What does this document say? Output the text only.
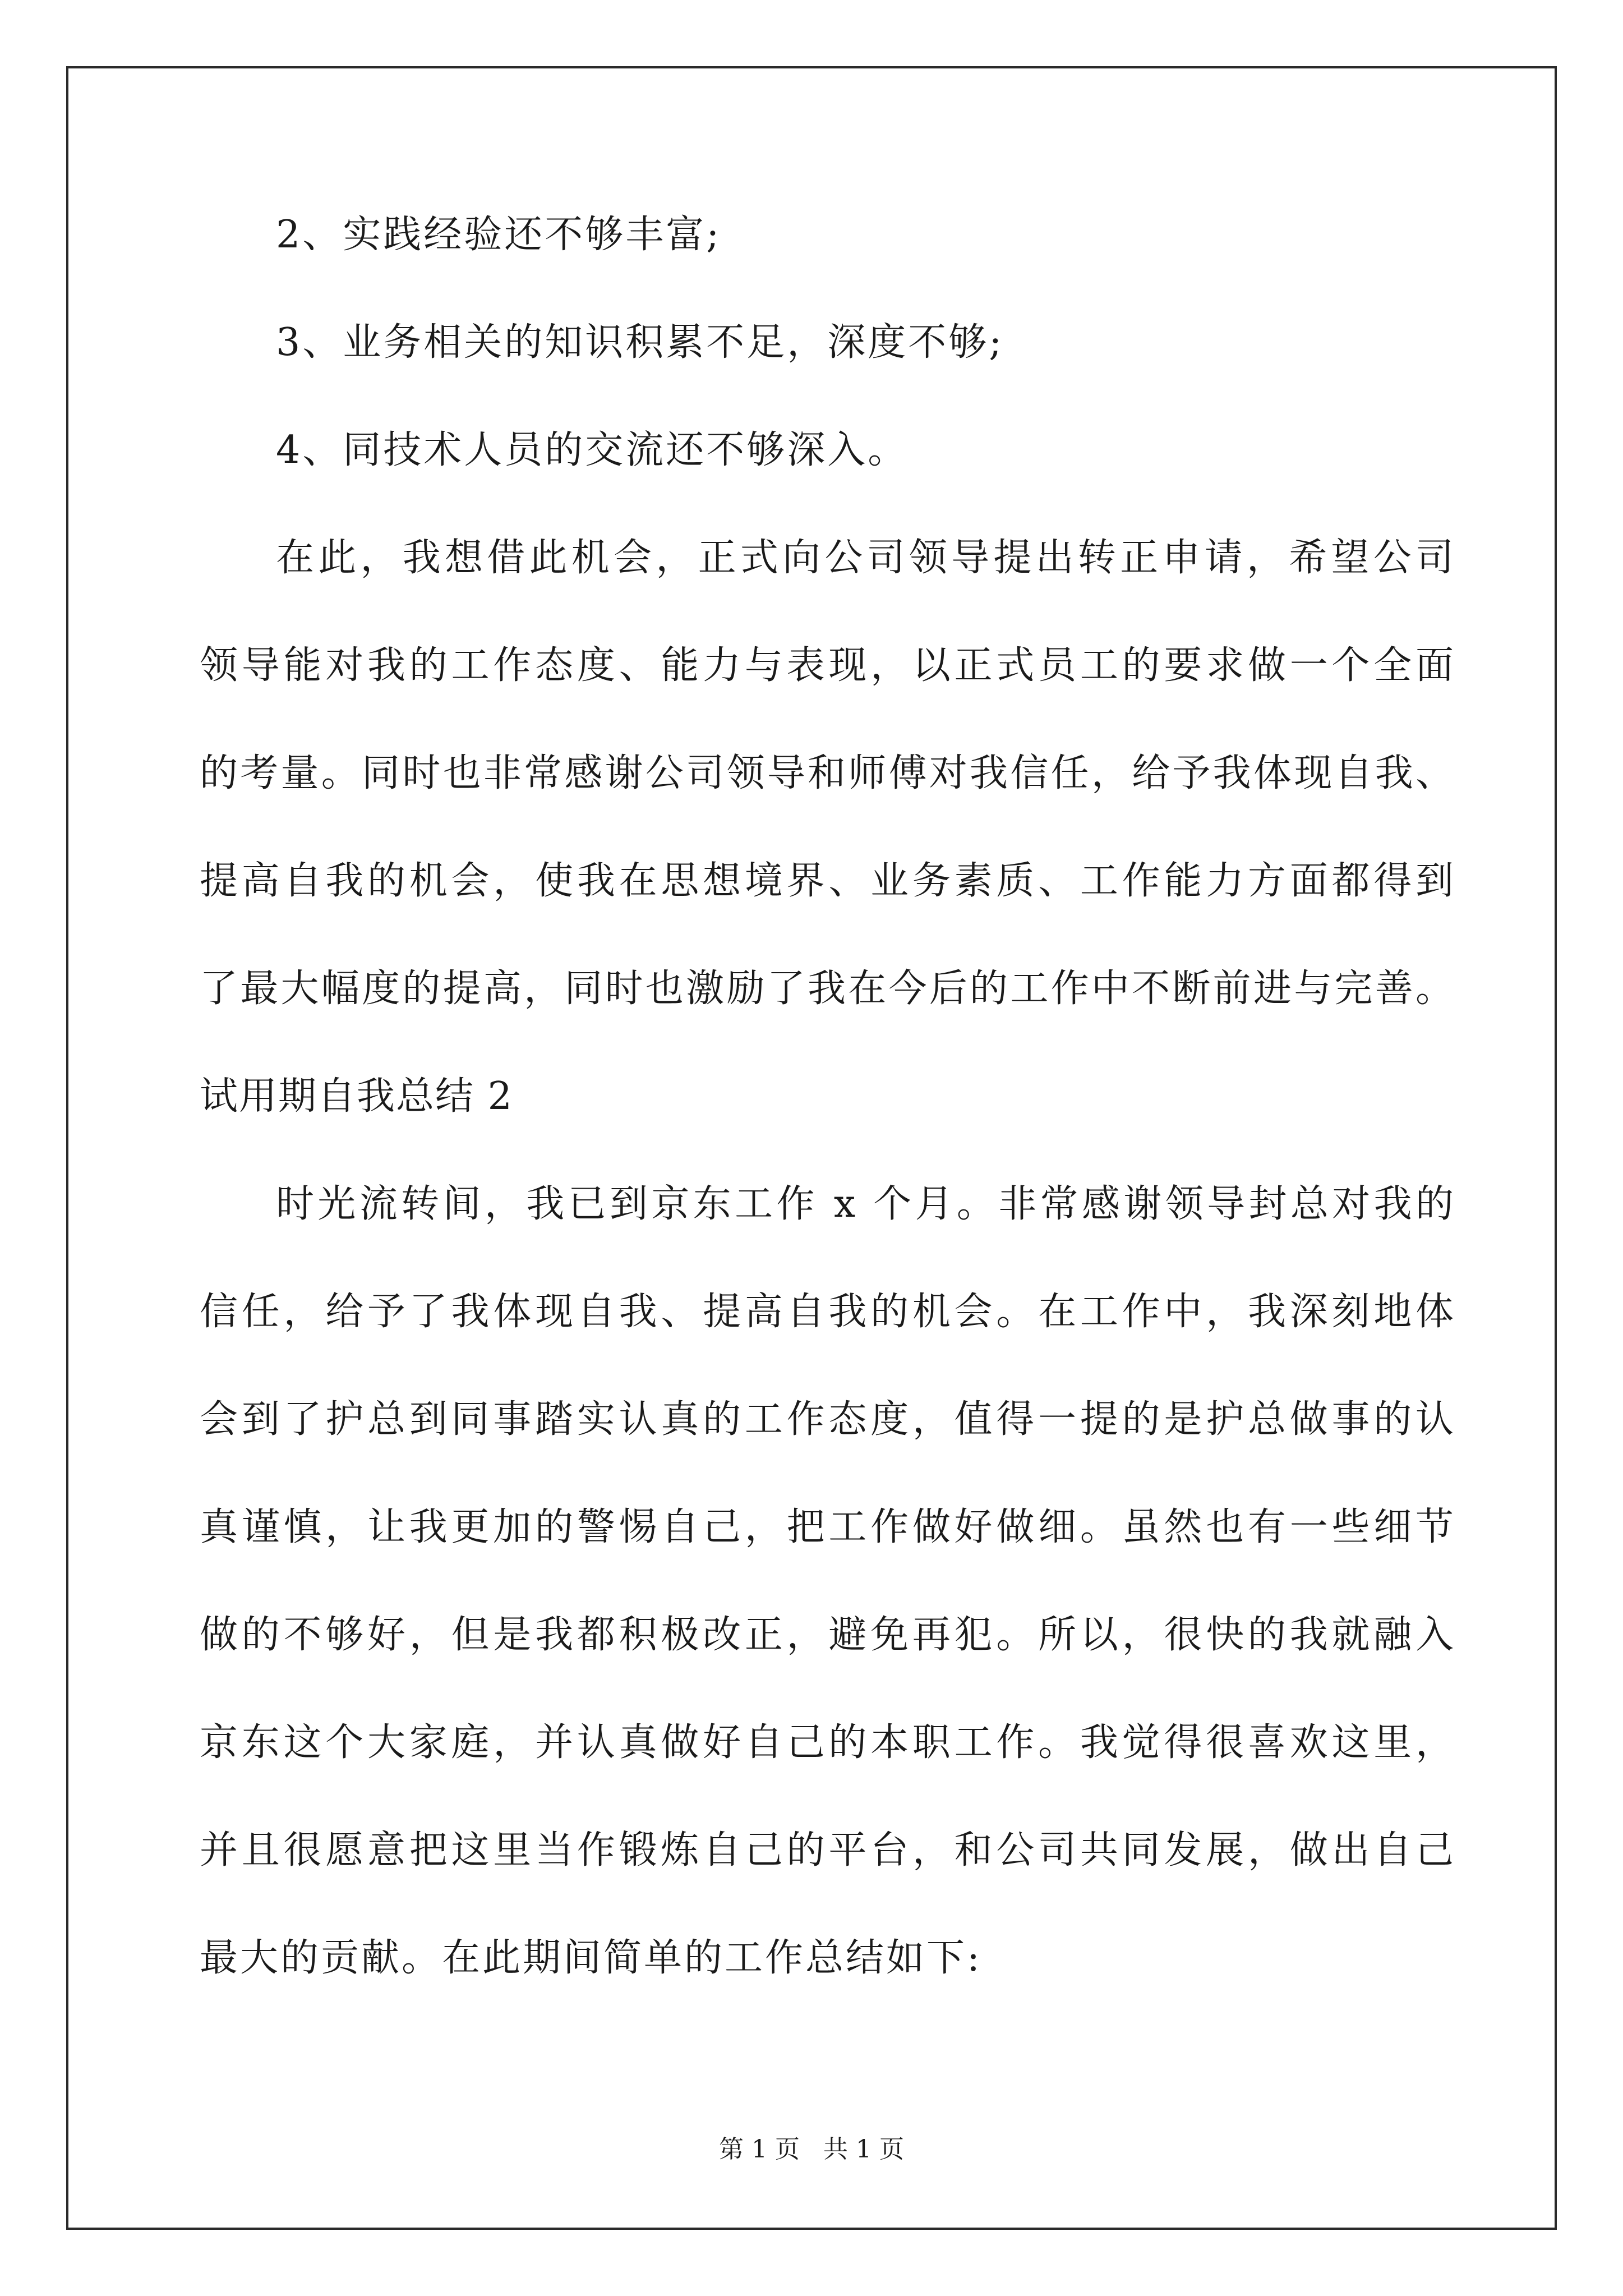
2、实践经验还不够丰富;
3、业务相关的知识积累不足，深度不够;
4、同技术人员的交流还不够深入。
在此，我想借此机会，正式向公司领导提出转正申请，希望公司
领导能对我的工作态度、能力与表现，以正式员工的要求做一个全面
的考量。同时也非常感谢公司领导和师傅对我信任，给予我体现自我、
提高自我的机会，使我在思想境界、业务素质、工作能力方面都得到
了最大幅度的提高，同时也激励了我在今后的工作中不断前进与完善。
试用期自我总结 2
时光流转间，我已到京东工作 x 个月。非常感谢领导封总对我的
信任，给予了我体现自我、提高自我的机会。在工作中，我深刻地体
会到了护总到同事踏实认真的工作态度，值得一提的是护总做事的认
真谨慎，让我更加的警惕自己，把工作做好做细。虽然也有一些细节
做的不够好，但是我都积极改正，避免再犯。所以，很快的我就融入
京东这个大家庭，并认真做好自己的本职工作。我觉得很喜欢这里，
并且很愿意把这里当作锻炼自己的平台，和公司共同发展，做出自己
最大的贡献。在此期间简单的工作总结如下:
第 1 页   共 1 页
